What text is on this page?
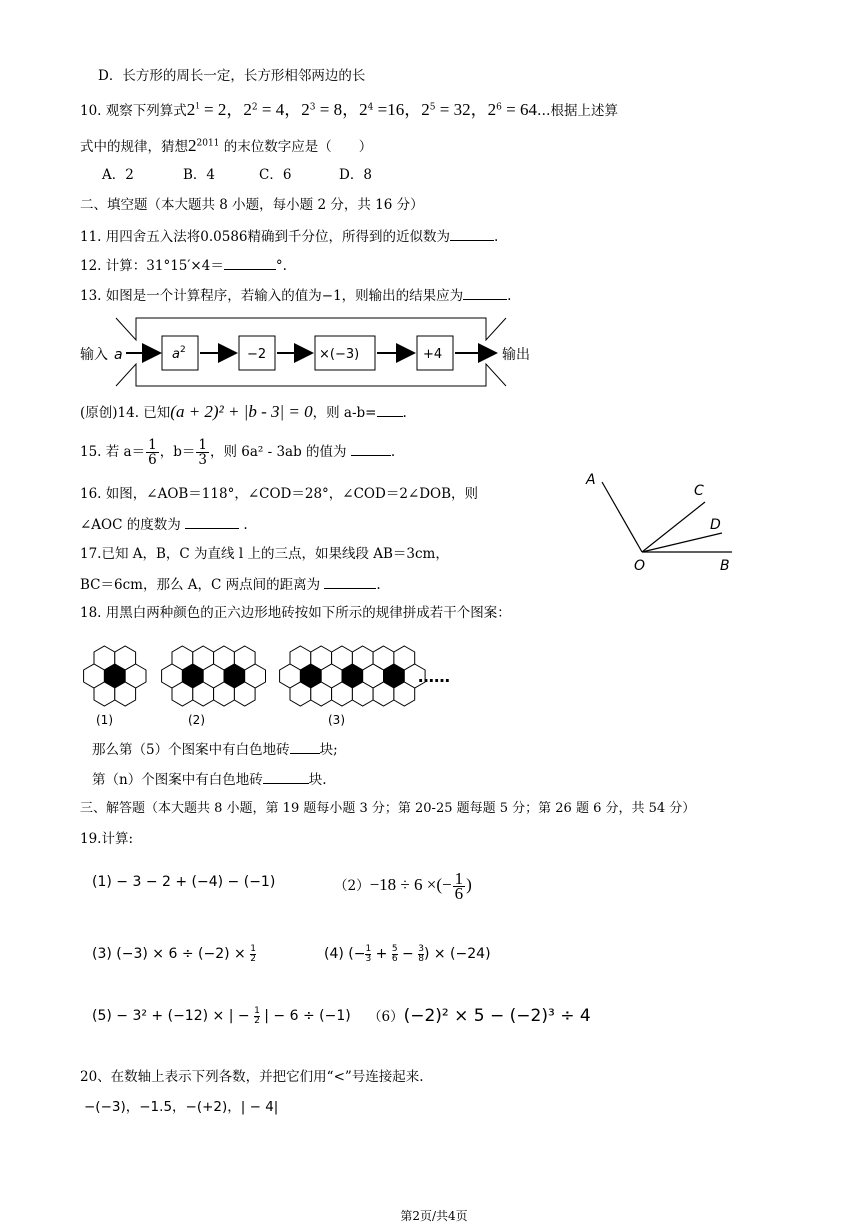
D．长方形的周长一定，长方形相邻两边的长
10. 观察下列算式$2^1 = 2$，$2^2 = 4$，$2^3 = 8$，$2^4 =16$，$2^5 = 32$，$2^6$ = 64…根据上述算
式中的规律，猜想$2^{2011}$ 的末位数字应是（　　）
A．2	B．4	C．6	D．8
二、填空题（本大题共 8 小题，每小题 2 分，共 16 分）
11. 用四舍五入法将0.0586精确到千分位，所得到的近似数为	.
12. 计算：31°15′×4＝	°.
13. 如图是一个计算程序，若输入的值为−1，则输出的结果应为	.
输入 a	$a^2$	−2	×(−3)	+4	输出
(原创)14. 已知(a + 2)² + |b - 3| = 0，则 a-b= .
15. 若 $a= \frac{1}{6}$ ，$b= \frac{1}{3}$ ，则 6a² - 3ab 的值为	.
16. 如图，∠AOB＝118°，∠COD＝28°，∠COD＝2∠DOB，则
∠AOC 的度数为	.
A
C
D
O	B
17.已知 A，B，C 为直线 l 上的三点，如果线段 AB＝3cm，
BC＝6cm，那么 A，C 两点间的距离为	.
18. 用黑白两种颜色的正六边形地砖按如下所示的规律拼成若干个图案：
(1)	(2)	(3)
……
那么第（5）个图案中有白色地砖 块;
第（n）个图案中有白色地砖	块.
三、解答题（本大题共 8 小题，第 19 题每小题 3 分；第 20-25 题每题 5 分；第 26 题 6 分，共 54 分）
19.计算:
(1) − 3 − 2 + (−4) − (−1)	（2）−18 ÷ 6 ×(− $\frac{1}{6}$ )
(3) $(-3) \times 6 \div (-2) \times \frac{1}{2}$	(4) (− $\frac{1}{3} + \frac{5}{6} - \frac{3}{8}) \times (-24)$
(5) − 3² + (−12) × | − $\frac{1}{2}$ | − 6 ÷ (−1) （6）(−2)² × 5 − (−2)³ ÷ 4
20、在数轴上表示下列各数，并把它们用“<”号连接起来.
−(−3)，−1.5，−(+2)，| − 4|
第2页/共4页
